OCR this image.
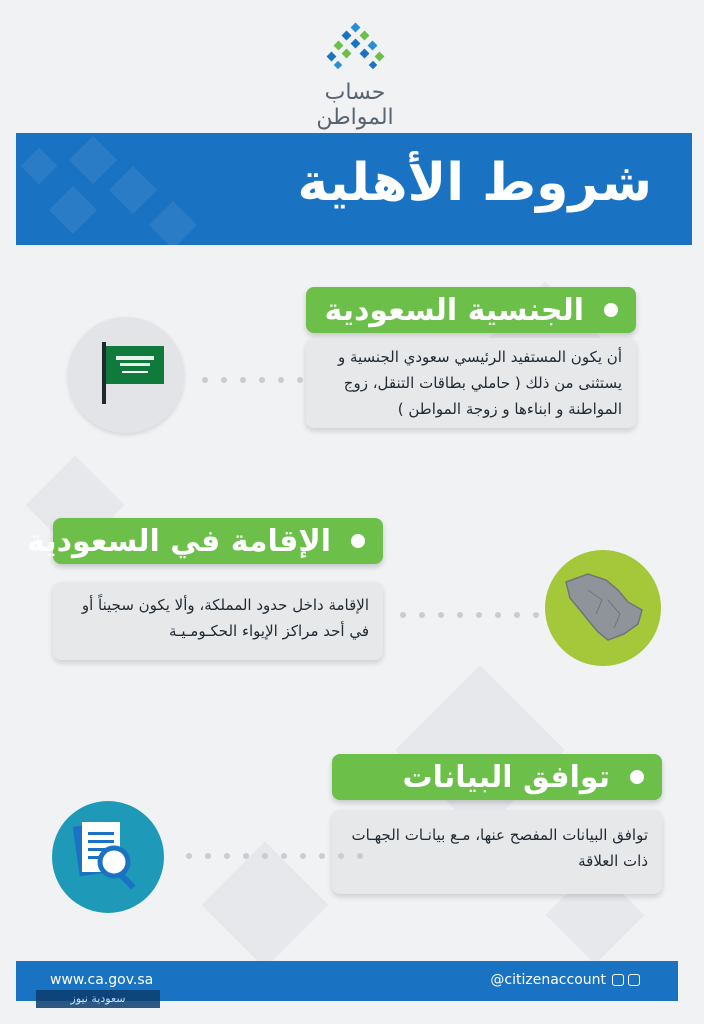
حساب المواطن
شروط الأهلية
الجنسية السعودية
أن يكون المستفيد الرئيسي سعودي الجنسية و يستثنى من ذلك ( حاملي بطاقات التنقل، زوج المواطنة و ابناءها و زوجة المواطن )
الإقامة في السعودية
الإقامة داخل حدود المملكة، وألا يكون سجيناً أو في أحد مراكز الإيواء الحكـومـيـة
توافق البيانات
توافق البيانات المفصح عنها، مـع بيانـات الجهـات ذات العلاقة
www.ca.gov.sa	@citizenaccount
سعودية نيوز
